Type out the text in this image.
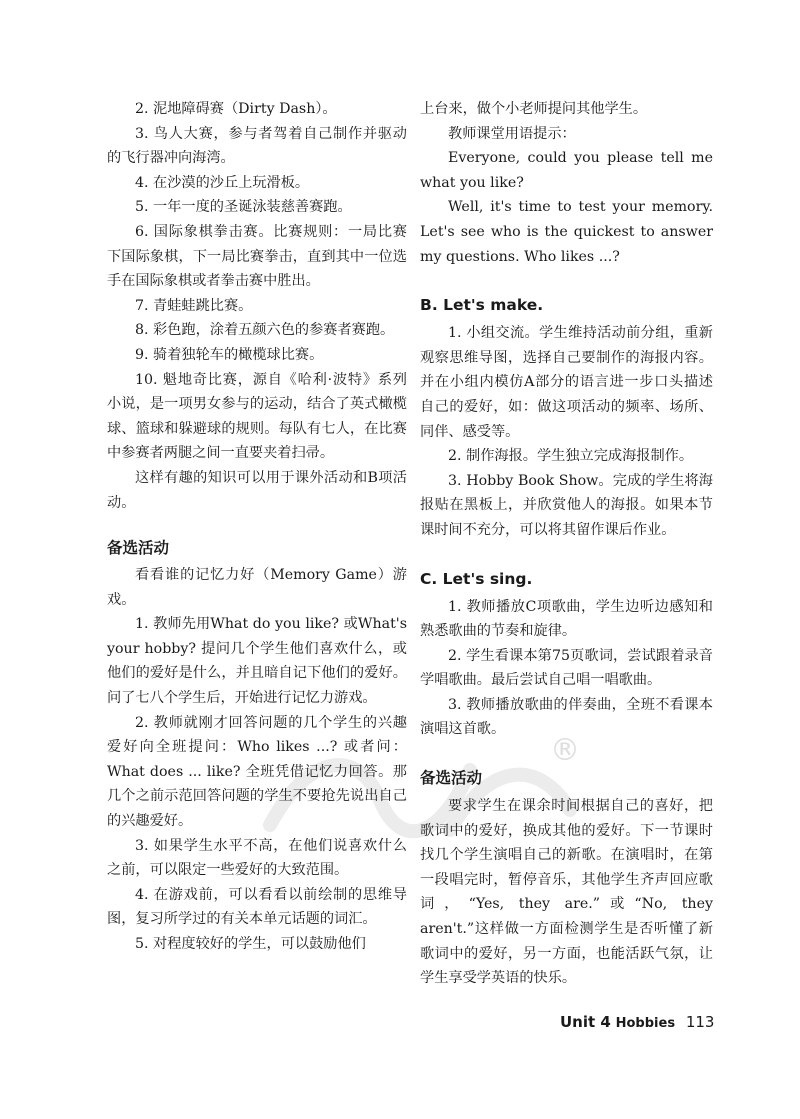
®

2. 泥地障碍赛（Dirty Dash）。

3. 鸟人大赛，参与者驾着自己制作并驱动的飞行器冲向海湾。

4. 在沙漠的沙丘上玩滑板。

5. 一年一度的圣诞泳装慈善赛跑。

6. 国际象棋拳击赛。比赛规则：一局比赛下国际象棋，下一局比赛拳击，直到其中一位选手在国际象棋或者拳击赛中胜出。

7. 青蛙蛙跳比赛。

8. 彩色跑，涂着五颜六色的参赛者赛跑。

9. 骑着独轮车的橄榄球比赛。

10. 魁地奇比赛，源自《哈利·波特》系列小说，是一项男女参与的运动，结合了英式橄榄球、篮球和躲避球的规则。每队有七人，在比赛中参赛者两腿之间一直要夹着扫帚。

这样有趣的知识可以用于课外活动和B项活动。

备选活动

看看谁的记忆力好（Memory Game）游戏。

1. 教师先用What do you like? 或What's your hobby? 提问几个学生他们喜欢什么，或他们的爱好是什么，并且暗自记下他们的爱好。问了七八个学生后，开始进行记忆力游戏。

2. 教师就刚才回答问题的几个学生的兴趣爱好向全班提问：Who likes ...? 或者问：What does ... like? 全班凭借记忆力回答。那几个之前示范回答问题的学生不要抢先说出自己的兴趣爱好。

3. 如果学生水平不高，在他们说喜欢什么之前，可以限定一些爱好的大致范围。

4. 在游戏前，可以看看以前绘制的思维导图，复习所学过的有关本单元话题的词汇。

5. 对程度较好的学生，可以鼓励他们

上台来，做个小老师提问其他学生。

教师课堂用语提示：

Everyone, could you please tell me what you like?

Well, it's time to test your memory. Let's see who is the quickest to answer my questions. Who likes ...?

B. Let's make.

1. 小组交流。学生维持活动前分组，重新观察思维导图，选择自己要制作的海报内容。并在小组内模仿A部分的语言进一步口头描述自己的爱好，如：做这项活动的频率、场所、同伴、感受等。

2. 制作海报。学生独立完成海报制作。

3. Hobby Book Show。完成的学生将海报贴在黑板上，并欣赏他人的海报。如果本节课时间不充分，可以将其留作课后作业。

C. Let's sing.

1. 教师播放C项歌曲，学生边听边感知和熟悉歌曲的节奏和旋律。

2. 学生看课本第75页歌词，尝试跟着录音学唱歌曲。最后尝试自己唱一唱歌曲。

3. 教师播放歌曲的伴奏曲，全班不看课本演唱这首歌。

备选活动

要求学生在课余时间根据自己的喜好，把歌词中的爱好，换成其他的爱好。下一节课时找几个学生演唱自己的新歌。在演唱时，在第一段唱完时，暂停音乐，其他学生齐声回应歌词，“Yes, they are.”或“No, they aren't.”这样做一方面检测学生是否听懂了新歌词中的爱好，另一方面，也能活跃气氛，让学生享受学英语的快乐。

Unit 4 Hobbies 113
